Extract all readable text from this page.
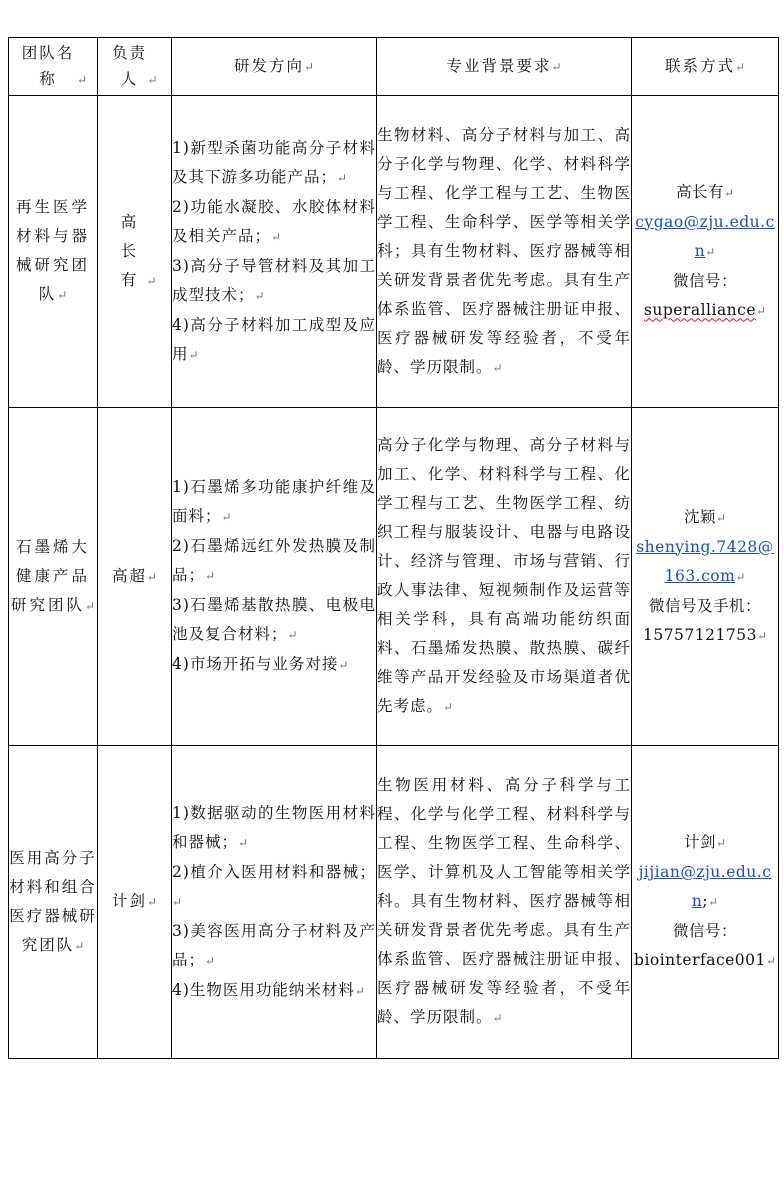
团队名称 ↵	负责人 ↵	研发方向↵	专业背景要求↵	联系方式↵
再生医学材料与器械研究团队↵	高长有 ↵	1)新型杀菌功能高分子材料及其下游多功能产品；↵
2)功能水凝胶、水胶体材料及相关产品；↵
3)高分子导管材料及其加工成型技术；↵
4)高分子材料加工成型及应用↵	生物材料、高分子材料与加工、高分子化学与物理、化学、材料科学与工程、化学工程与工艺、生物医学工程、生命科学、医学等相关学科；具有生物材料、医疗器械等相关研发背景者优先考虑。具有生产体系监管、医疗器械注册证申报、医疗器械研发等经验者，不受年龄、学历限制。↵	高长有↵
cygao@zju.edu.cn↵
微信号：
superalliance↵

石墨烯大健康产品研究团队↵	高超↵	1)石墨烯多功能康护纤维及面料；↵
2)石墨烯远红外发热膜及制品；↵
3)石墨烯基散热膜、电极电池及复合材料；↵
4)市场开拓与业务对接↵	高分子化学与物理、高分子材料与加工、化学、材料科学与工程、化学工程与工艺、生物医学工程、纺织工程与服装设计、电器与电路设计、经济与管理、市场与营销、行政人事法律、短视频制作及运营等相关学科，具有高端功能纺织面料、石墨烯发热膜、散热膜、碳纤维等产品开发经验及市场渠道者优先考虑。↵	沈颖↵
shenying.7428@163.com↵
微信号及手机：
15757121753↵

医用高分子材料和组合医疗器械研究团队↵	计剑↵	1)数据驱动的生物医用材料和器械；↵
2)植介入医用材料和器械；↵
3)美容医用高分子材料及产品；↵
4)生物医用功能纳米材料↵	生物医用材料、高分子科学与工程、化学与化学工程、材料科学与工程、生物医学工程、生命科学、医学、计算机及人工智能等相关学科。具有生物材料、医疗器械等相关研发背景者优先考虑。具有生产体系监管、医疗器械注册证申报、医疗器械研发等经验者，不受年龄、学历限制。↵	计剑↵
jijian@zju.edu.cn;↵
微信号：
biointerface001↵
